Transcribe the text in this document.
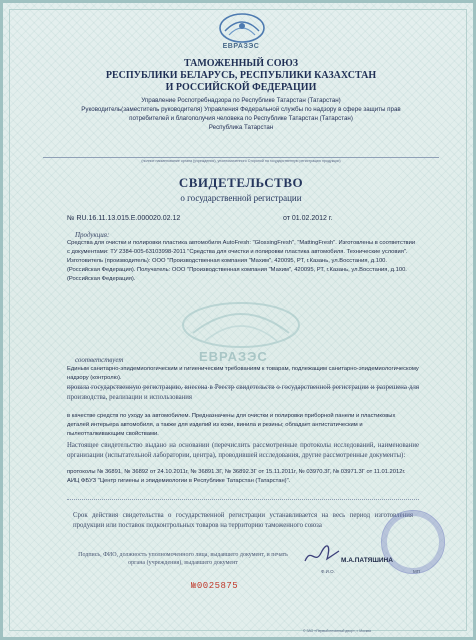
ЕВРАЗЭС
ТАМОЖЕННЫЙ СОЮЗ
РЕСПУБЛИКИ БЕЛАРУСЬ, РЕСПУБЛИКИ КАЗАХСТАН
И РОССИЙСКОЙ ФЕДЕРАЦИИ
Управление Роспотребнадзора по Республике Татарстан (Татарстан)
Руководитель(заместитель руководителя) Управления Федеральной службы по надзору в сфере защиты прав
потребителей и благополучия человека по Республике Татарстан (Татарстан)
Республика Татарстан
(полное наименование органа (учреждения), уполномоченного Стороной на государственную регистрацию продукции)
СВИДЕТЕЛЬСТВО
о государственной регистрации
№ RU.16.11.13.015.Е.000020.02.12	от 01.02.2012 г.
Продукция:
Средства для очистки и полировки пластика автомобиля AutoFresh: "GlossingFresh", "MattingFresh". Изготовлены в соответствии с документами: ТУ 2384-005-63103998-2011 "Средства для очистки и полировки пластика автомобиля. Технические условия". Изготовитель (производитель): ООО "Производственная компания "Махим", 420095, РТ, г.Казань, ул.Восстания, д.100. (Российская Федерация). Получатель: ООО "Производственная компания "Махим", 420095, РТ, г.Казань, ул.Восстания, д.100. (Российская Федерация).
ЕВРАЗЭС
соответствует
Единым санитарно-эпидемиологическим и гигиеническим требованиям к товарам, подлежащим санитарно-эпидемиологическому надзору (контролю).
прошла государственную регистрацию, внесена в Реестр свидетельств о государственной регистрации и разрешена для производства, реализации и использования
в качестве средств по уходу за автомобилем. Предназначены для очистки и полировки приборной панели и пластиковых деталей интерьера автомобиля, а также для изделий из кожи, винила и резины; обладает антистатическим и пылеотталкивающим свойствами.
Настоящее свидетельство выдано на основании (перечислить рассмотренные протоколы исследований, наименование организации (испытательной лаборатории, центра), проводившей исследования, другие рассмотренные документы):
протоколы № 36891, № 36892 от 24.10.2011г, № 36891.3Г, № 36892.3Г от 15.11.2011г, № 03970.3Г, № 03971.3Г от 11.01.2012г. АИЦ ФБУЗ "Центр гигиены и эпидемиологии в Республике Татарстан (Татарстан)".
Срок действия свидетельства о государственной регистрации устанавливается на весь период изготовления продукции или поставок подконтрольных товаров на территорию таможенного союза
Подпись, ФИО, должность уполномоченного лица, выдавшего документ, и печать органа (учреждения), выдавшего документ	М.А.ПАТЯШИНА
Ф.И.О.	МП
№0025875
© ЗАО «Первый печатный двор», г. Москва
